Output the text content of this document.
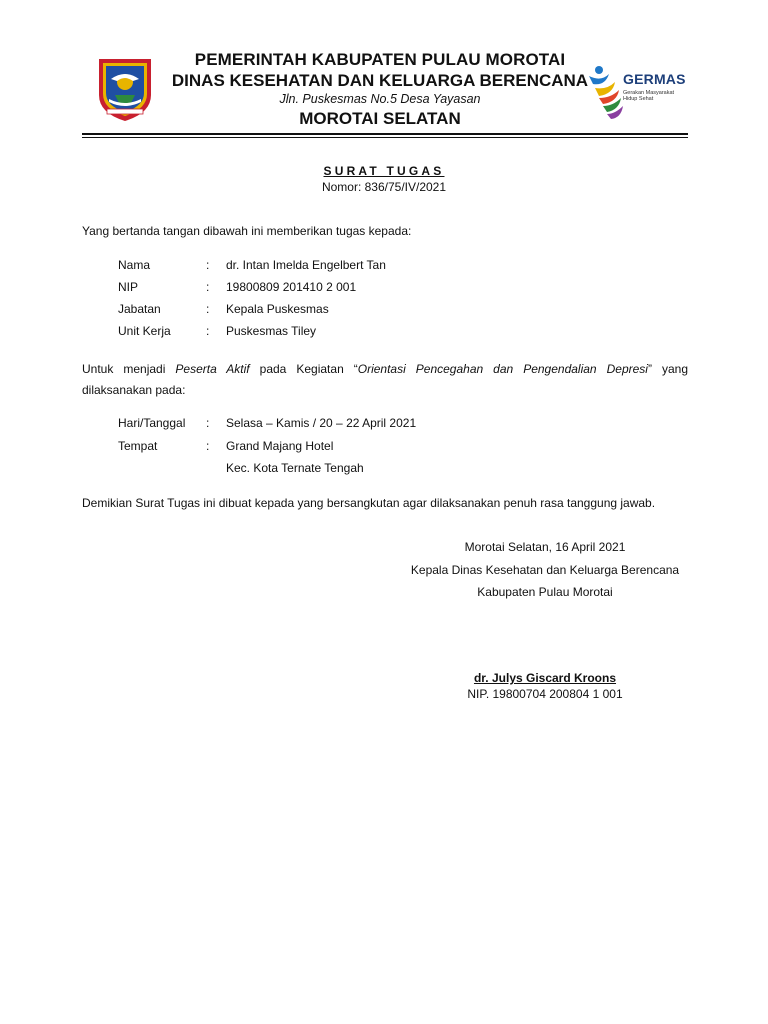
PEMERINTAH KABUPATEN PULAU MOROTAI
DINAS KESEHATAN DAN KELUARGA BERENCANA
Jln. Puskesmas No.5 Desa Yayasan
MOROTAI SELATAN
GERMAS
Gerakan Masyarakat
Hidup Sehat
SURAT TUGAS
Nomor: 836/75/IV/2021
Yang bertanda tangan dibawah ini memberikan tugas kepada:
Nama	: dr. Intan Imelda Engelbert Tan
NIP	: 19800809 201410 2 001
Jabatan	: Kepala Puskesmas
Unit Kerja	: Puskesmas Tiley
Untuk menjadi Peserta Aktif pada Kegiatan “Orientasi Pencegahan dan Pengendalian Depresi” yang
dilaksanakan pada:
Hari/Tanggal : Selasa – Kamis / 20 – 22 April 2021
Tempat	: Grand Majang Hotel
Kec. Kota Ternate Tengah
Demikian Surat Tugas ini dibuat kepada yang bersangkutan agar dilaksanakan penuh rasa tanggung jawab.
Morotai Selatan, 16 April 2021
Kepala Dinas Kesehatan dan Keluarga Berencana
Kabupaten Pulau Morotai
dr. Julys Giscard Kroons
NIP. 19800704 200804 1 001
